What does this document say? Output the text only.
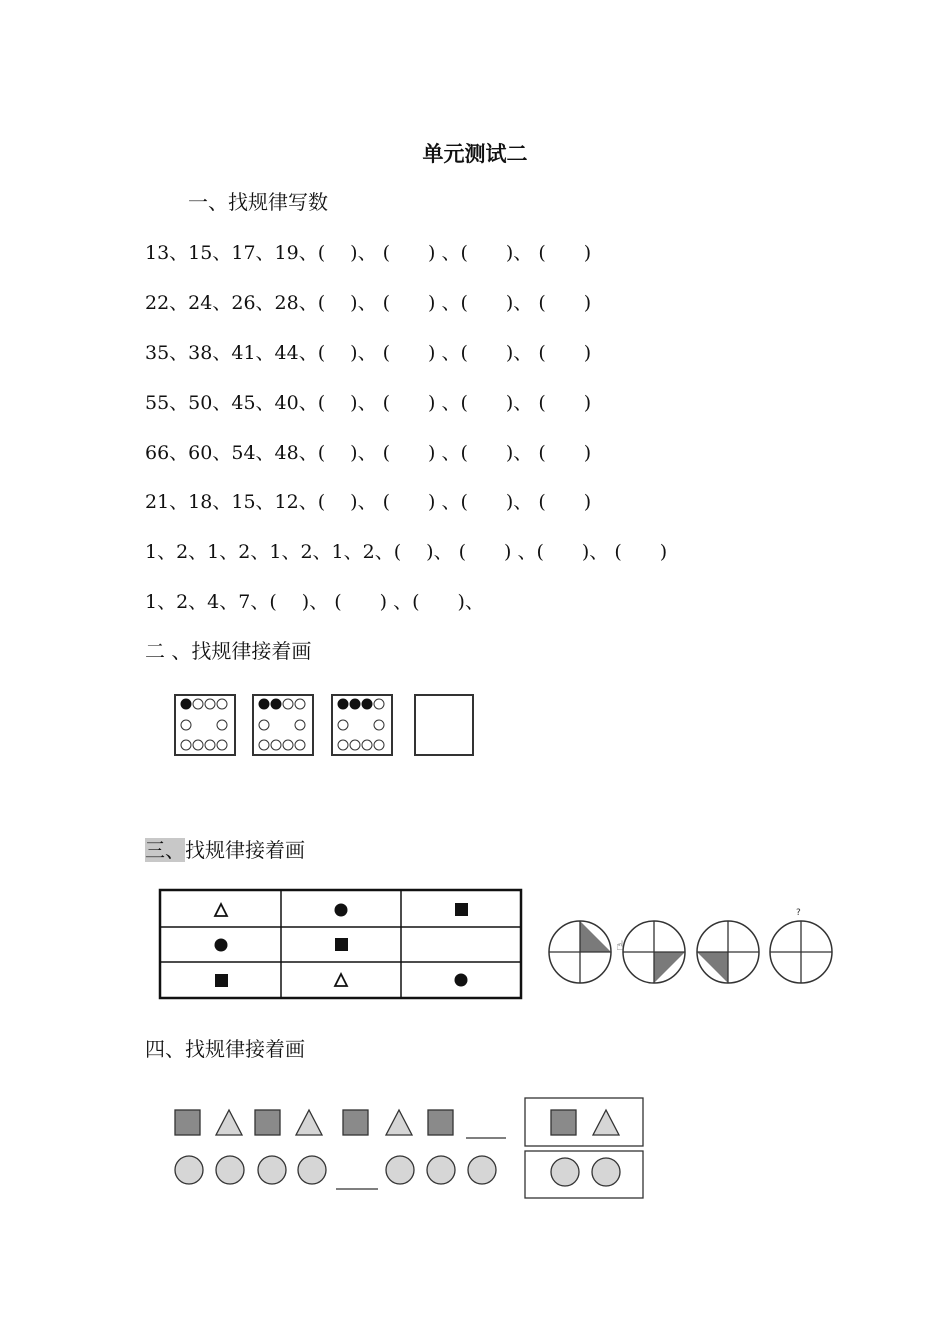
单元测试二
一、找规律写数
13、15、17、19、(　 )、 (　　) 、(　　)、 (　　)
22、24、26、28、(　 )、 (　　) 、(　　)、 (　　)
35、38、41、44、(　 )、 (　　) 、(　　)、 (　　)
55、50、45、40、(　 )、 (　　) 、(　　)、 (　　)
66、60、54、48、(　 )、 (　　) 、(　　)、 (　　)
21、18、15、12、(　 )、 (　　) 、(　　)、 (　　)
1、2、1、2、1、2、1、2、(　 )、 (　　) 、(　　)、 (　　)
1、2、4、7、(　 )、 (　　) 、(　　)、
二 、找规律接着画
三、找规律接着画
☝
?
四、找规律接着画
